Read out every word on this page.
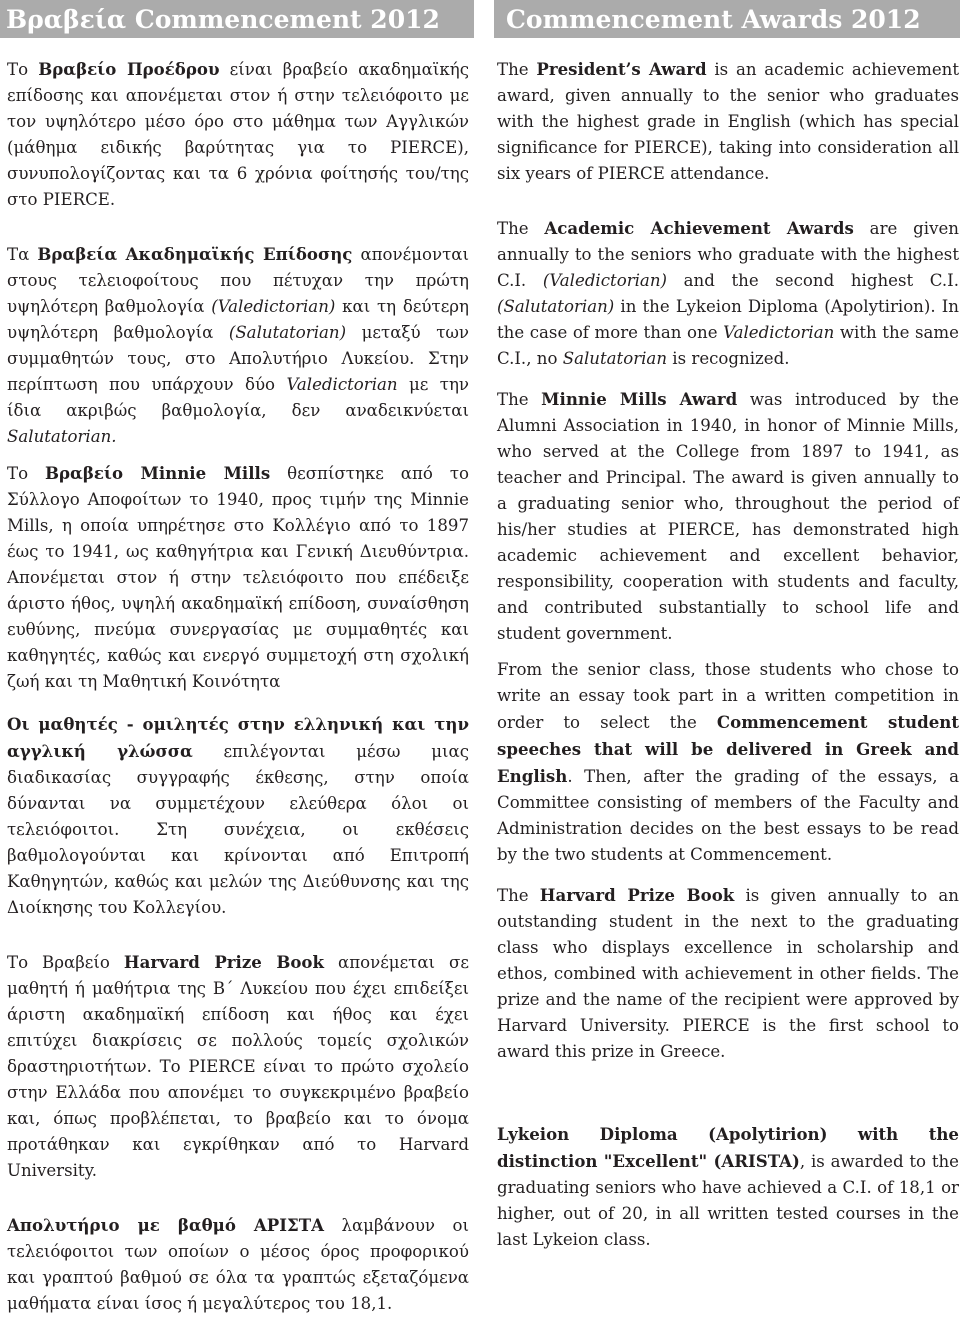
Βραβεία Commencement 2012	Commencement Awards 2012

Το Βραβείο Προέδρου είναι βραβείο ακαδημαϊκής επίδοσης και απονέμεται στον ή στην τελειόφοιτο με τον υψηλότερο μέσο όρο στο μάθημα των Αγγλικών (μάθημα ειδικής βαρύτητας για το PIERCE), συνυπολογίζοντας και τα 6 χρόνια φοίτησής του/της στο PIERCE.

Τα Βραβεία Ακαδημαϊκής Επίδοσης απονέμονται στους τελειοφοίτους που πέτυχαν την πρώτη υψηλότερη βαθμολογία (Valedictorian) και τη δεύτερη υψηλότερη βαθμολογία (Salutatorian) μεταξύ των συμμαθητών τους, στο Απολυτήριο Λυκείου. Στην περίπτωση που υπάρχουν δύο Valedictorian με την ίδια ακριβώς βαθμολογία, δεν αναδεικνύεται Salutatorian.

Το Βραβείο Minnie Mills θεσπίστηκε από το Σύλλογο Αποφοίτων το 1940, προς τιμήν της Minnie Mills, η οποία υπηρέτησε στο Κολλέγιο από το 1897 έως το 1941, ως καθηγήτρια και Γενική Διευθύντρια. Απονέμεται στον ή στην τελειόφοιτο που επέδειξε άριστο ήθος, υψηλή ακαδημαϊκή επίδοση, συναίσθηση ευθύνης, πνεύμα συνεργασίας με συμμαθητές και καθηγητές, καθώς και ενεργό συμμετοχή στη σχολική ζωή και τη Μαθητική Κοινότητα

Οι μαθητές - ομιλητές στην ελληνική και την αγγλική γλώσσα επιλέγονται μέσω μιας διαδικασίας συγγραφής έκθεσης, στην οποία δύνανται να συμμετέχουν ελεύθερα όλοι οι τελειόφοιτοι. Στη συνέχεια, οι εκθέσεις βαθμολογούνται και κρίνονται από Επιτροπή Καθηγητών, καθώς και μελών της Διεύθυνσης και της Διοίκησης του Κολλεγίου.

Το Βραβείο Harvard Prize Book απονέμεται σε μαθητή ή μαθήτρια της Β΄ Λυκείου που έχει επιδείξει άριστη ακαδημαϊκή επίδοση και ήθος και έχει επιτύχει διακρίσεις σε πολλούς τομείς σχολικών δραστηριοτήτων. Το PIERCE είναι το πρώτο σχολείο στην Ελλάδα που απονέμει το συγκεκριμένο βραβείο και, όπως προβλέπεται, το βραβείο και το όνομα προτάθηκαν και εγκρίθηκαν από το Harvard University.

Απολυτήριο με βαθμό ΑΡΙΣΤΑ λαμβάνουν οι τελειόφοιτοι των οποίων ο μέσος όρος προφορικού και γραπτού βαθμού σε όλα τα γραπτώς εξεταζόμενα μαθήματα είναι ίσος ή μεγαλύτερος του 18,1.

The President’s Award is an academic achievement award, given annually to the senior who graduates with the highest grade in English (which has special significance for PIERCE), taking into consideration all six years of PIERCE attendance.

The Academic Achievement Awards are given annually to the seniors who graduate with the highest C.I. (Valedictorian) and the second highest C.I. (Salutatorian) in the Lykeion Diploma (Apolytirion). In the case of more than one Valedictorian with the same C.I., no Salutatorian is recognized.

The Minnie Mills Award was introduced by the Alumni Association in 1940, in honor of Minnie Mills, who served at the College from 1897 to 1941, as teacher and Principal. The award is given annually to a graduating senior who, throughout the period of his/her studies at PIERCE, has demonstrated high academic achievement and excellent behavior, responsibility, cooperation with students and faculty, and contributed substantially to school life and student government.

From the senior class, those students who chose to write an essay took part in a written competition in order to select the Commencement student speeches that will be delivered in Greek and English. Then, after the grading of the essays, a Committee consisting of members of the Faculty and Administration decides on the best essays to be read by the two students at Commencement.

The Harvard Prize Book is given annually to an outstanding student in the next to the graduating class who displays excellence in scholarship and ethos, combined with achievement in other fields. The prize and the name of the recipient were approved by Harvard University. PIERCE is the first school to award this prize in Greece.

Lykeion Diploma (Apolytirion) with the distinction "Excellent" (ARISTA), is awarded to the graduating seniors who have achieved a C.I. of 18,1 or higher, out of 20, in all written tested courses in the last Lykeion class.
